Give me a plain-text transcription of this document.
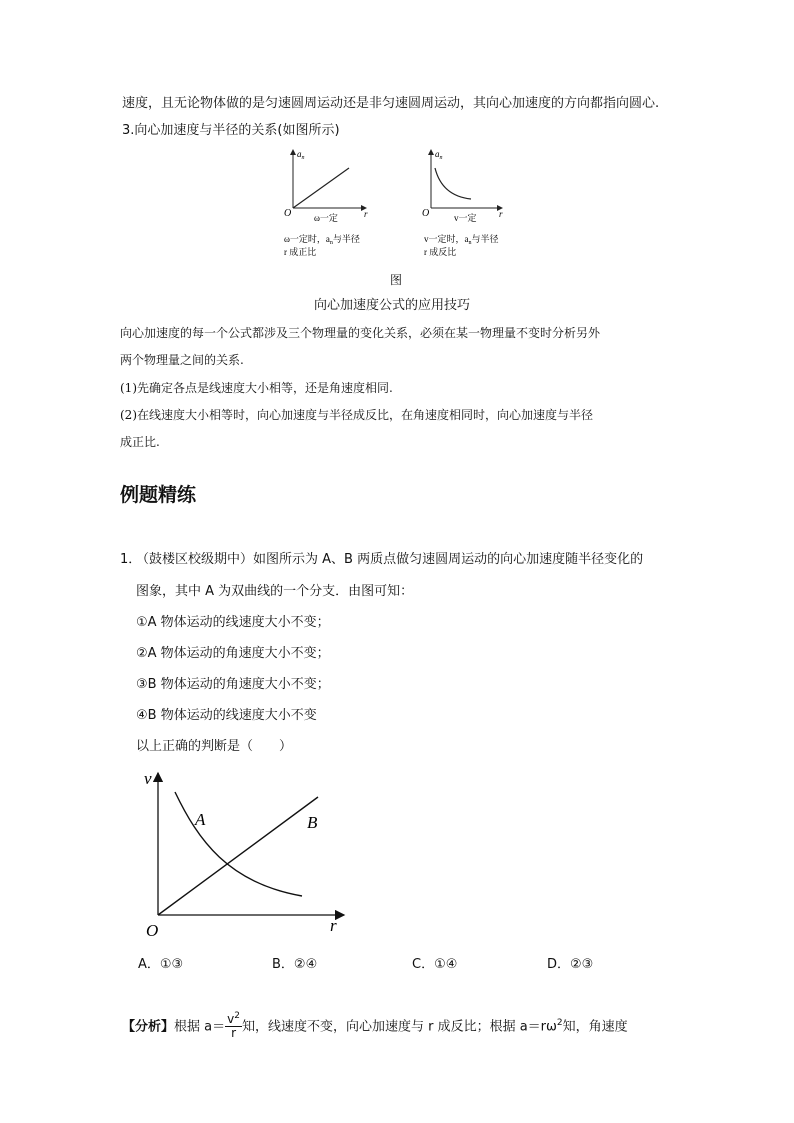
速度，且无论物体做的是匀速圆周运动还是非匀速圆周运动，其向心加速度的方向都指向圆心.
3.向心加速度与半径的关系(如图所示)
$a_n$
O	r
ω一定
ω一定时，$a_n$与半径
r 成正比
$a_n$
O	r
v一定
v一定时，$a_n$与半径
r 成反比
图
向心加速度公式的应用技巧
向心加速度的每一个公式都涉及三个物理量的变化关系，必须在某一物理量不变时分析另外
两个物理量之间的关系.
(1)先确定各点是线速度大小相等，还是角速度相同.
(2)在线速度大小相等时，向心加速度与半径成反比，在角速度相同时，向心加速度与半径
成正比.
例题精练
1．
（鼓楼区校级期中）如图所示为 A、B 两质点做匀速圆周运动的向心加速度随半径变化的
图象，其中 A 为双曲线的一个分支．由图可知：
①A 物体运动的线速度大小不变；
②A 物体运动的角速度大小不变；
③B 物体运动的角速度大小不变；
④B 物体运动的线速度大小不变
以上正确的判断是（　　）
v
r
O
A	B
A．①③	B．②④	C．①④	D．②③
【分析】根据 $a= \frac{v^2}{r}$ 知，线速度不变，向心加速度与 r 成反比；根据 $a=r\omega^2$知，角速度
